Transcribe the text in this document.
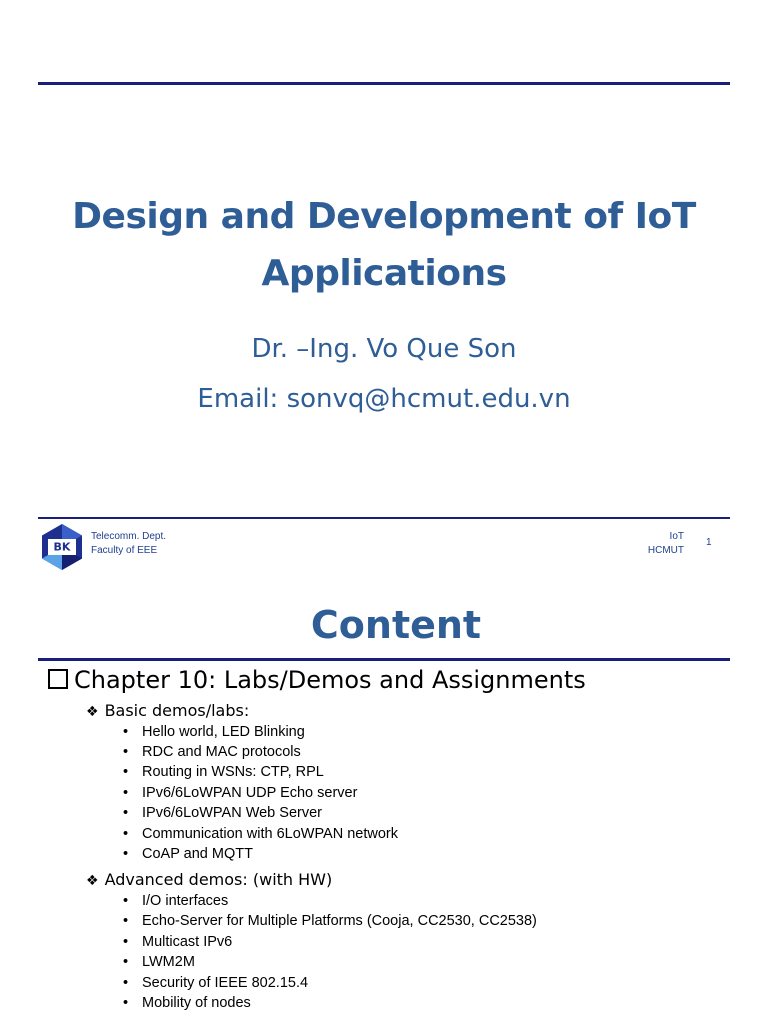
Design and Development of IoT
Applications

Dr. –Ing. Vo Que Son

Email: sonvq@hcmut.edu.vn

BK
Telecomm. Dept.
Faculty of EEE
IoT
HCMUT
1
Content
Chapter 10: Labs/Demos and Assignments
❖ Basic demos/labs:
• Hello world, LED Blinking
• RDC and MAC protocols
• Routing in WSNs: CTP, RPL
• IPv6/6LoWPAN UDP Echo server
• IPv6/6LoWPAN Web Server
• Communication with 6LoWPAN network
• CoAP and MQTT
❖ Advanced demos: (with HW)
• I/O interfaces
• Echo-Server for Multiple Platforms (Cooja, CC2530, CC2538)
• Multicast IPv6
• LWM2M
• Security of IEEE 802.15.4
• Mobility of nodes
